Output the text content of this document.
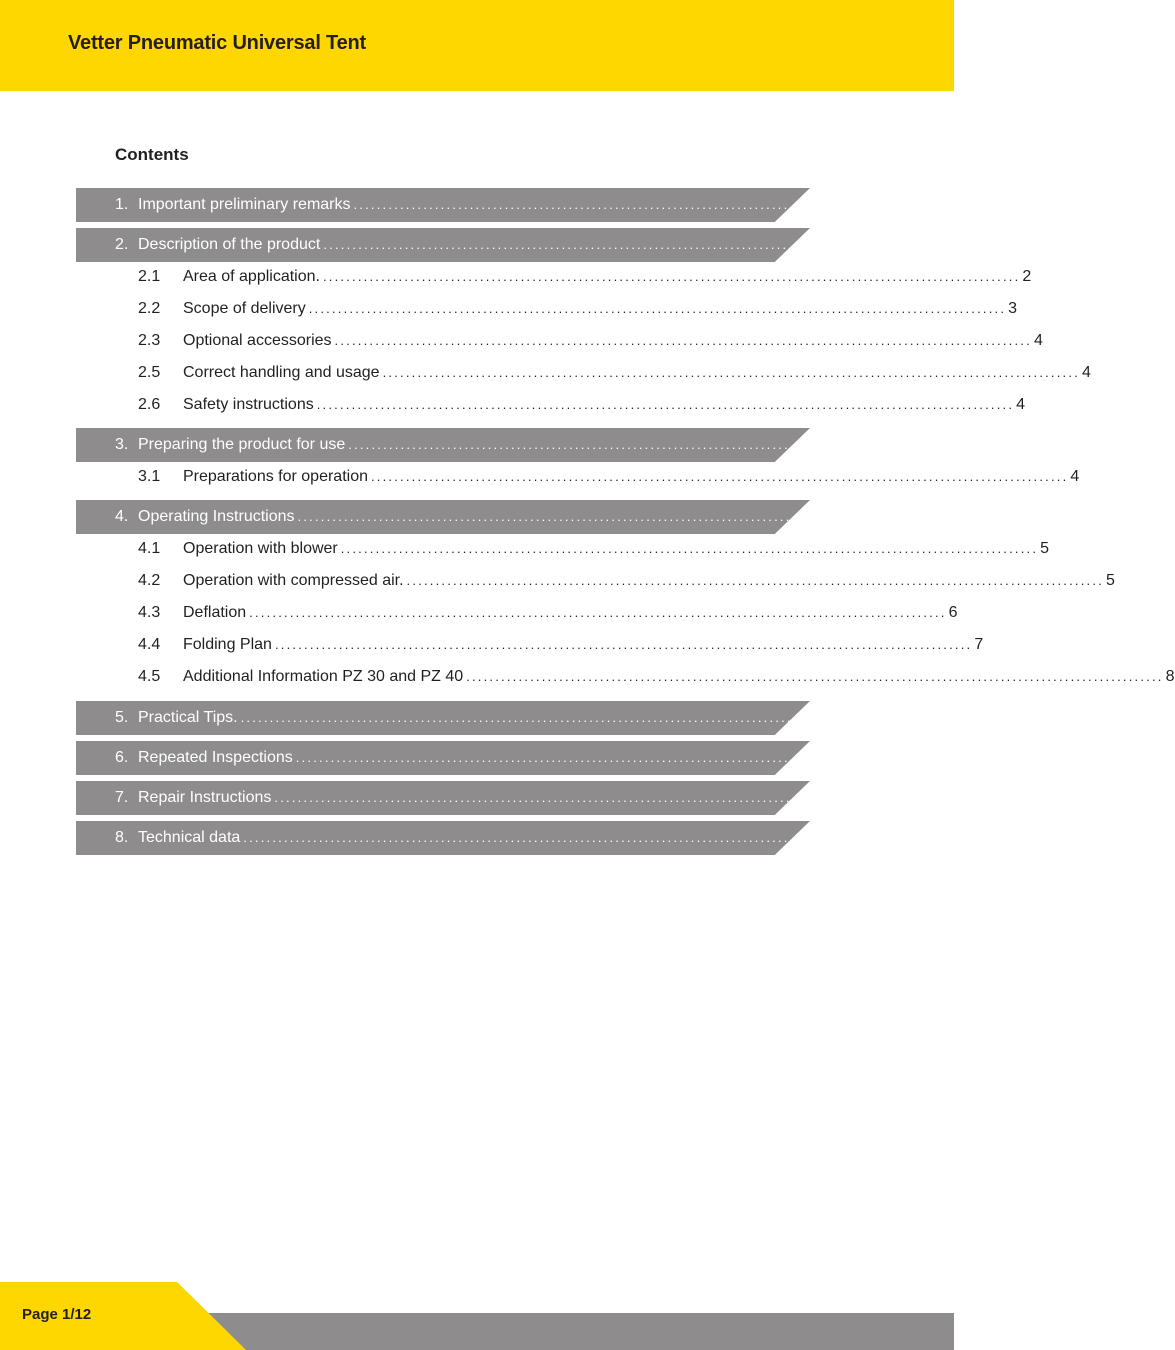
Vetter Pneumatic Universal Tent
Contents
1. Important preliminary remarks ........................................................................................................................ 2
2. Description of the product ........................................................................................................................ 2
2.1	Area of application. ........................................................................................................................ 2
2.2	Scope of delivery ........................................................................................................................ 3
2.3	Optional accessories ........................................................................................................................ 4
2.5	Correct handling and usage ........................................................................................................................ 4
2.6	Safety instructions ........................................................................................................................ 4
3. Preparing the product for use ........................................................................................................................ 4
3.1	Preparations for operation ........................................................................................................................ 4
4. Operating Instructions ........................................................................................................................ 5
4.1	Operation with blower ........................................................................................................................ 5
4.2	Operation with compressed air. ........................................................................................................................ 5
4.3	Deflation ........................................................................................................................ 6
4.4	Folding Plan ........................................................................................................................ 7
4.5	Additional Information PZ 30 and PZ 40 ........................................................................................................................ 8
5. Practical Tips. ........................................................................................................................ 9
6. Repeated Inspections ........................................................................................................................ 9
7. Repair Instructions ........................................................................................................................ 10
8. Technical data ........................................................................................................................ 11
Page 1/12
